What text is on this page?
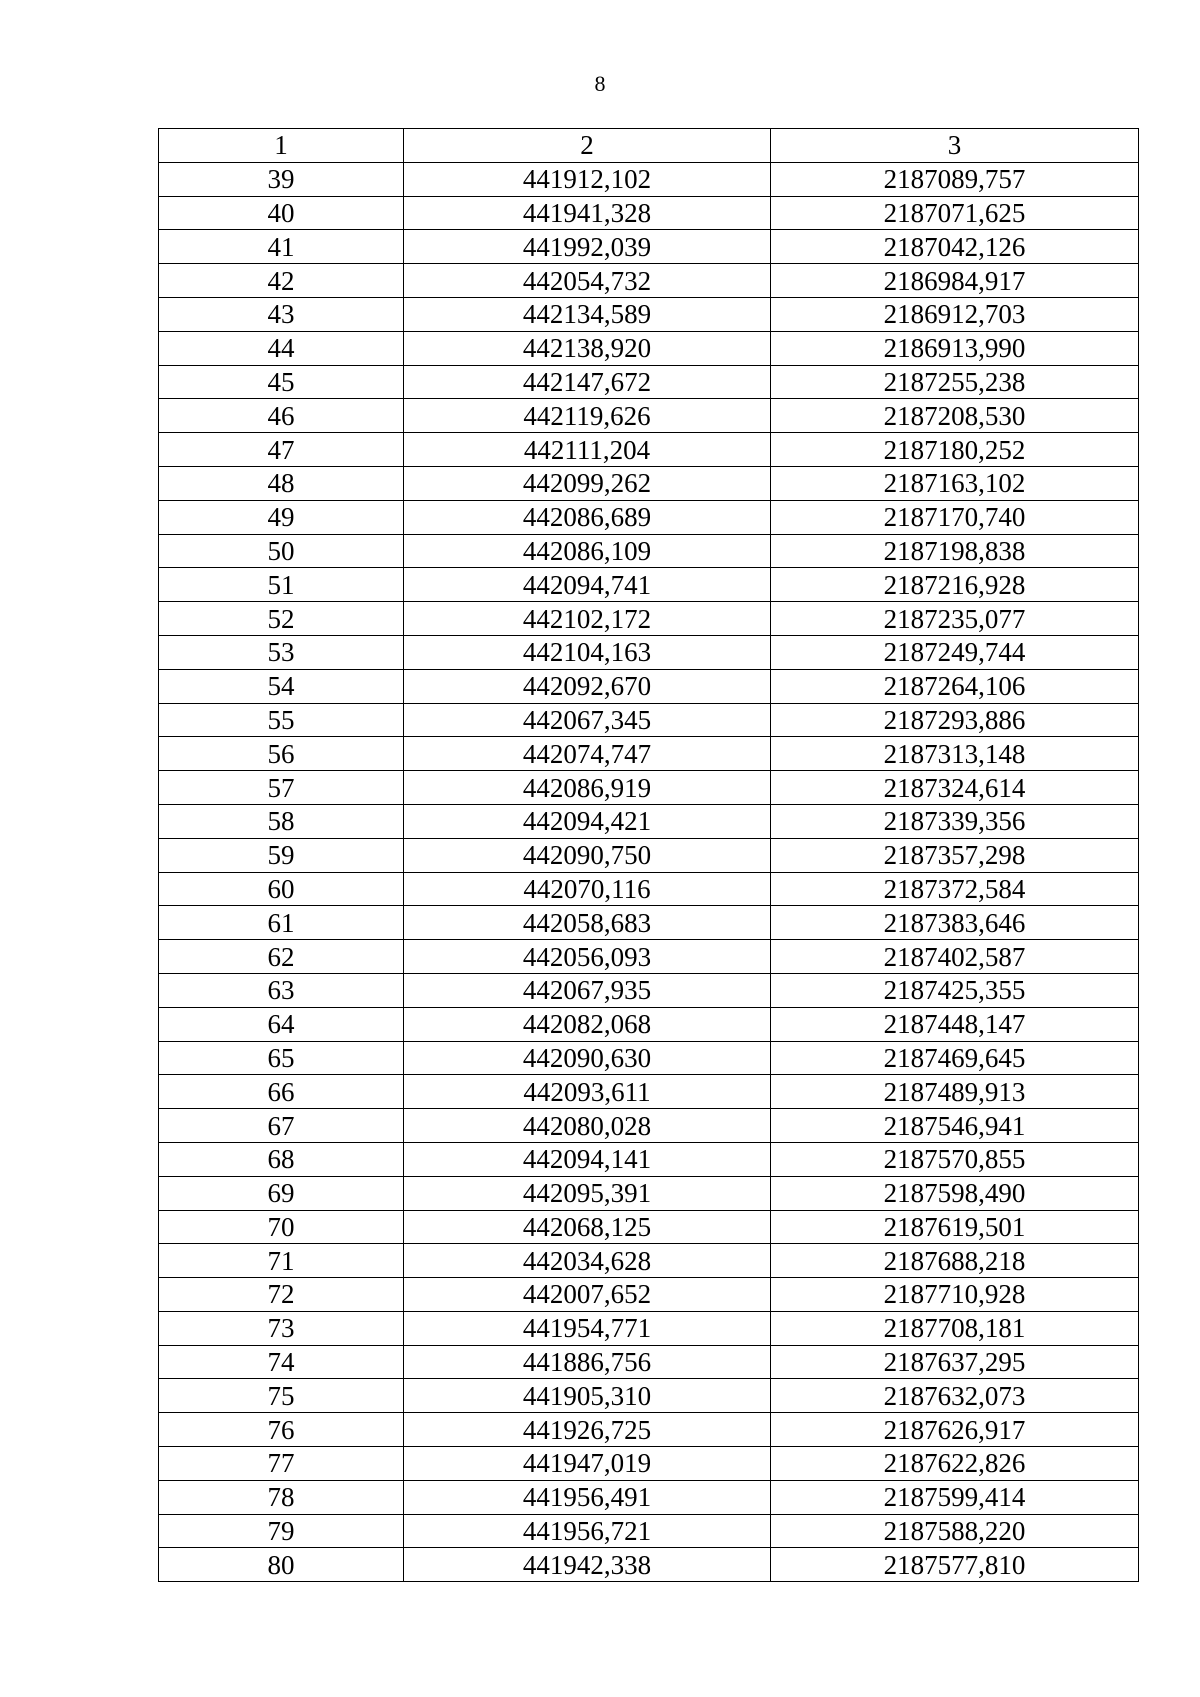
8
1	2	3
39	441912,102	2187089,757
40	441941,328	2187071,625
41	441992,039	2187042,126
42	442054,732	2186984,917
43	442134,589	2186912,703
44	442138,920	2186913,990
45	442147,672	2187255,238
46	442119,626	2187208,530
47	442111,204	2187180,252
48	442099,262	2187163,102
49	442086,689	2187170,740
50	442086,109	2187198,838
51	442094,741	2187216,928
52	442102,172	2187235,077
53	442104,163	2187249,744
54	442092,670	2187264,106
55	442067,345	2187293,886
56	442074,747	2187313,148
57	442086,919	2187324,614
58	442094,421	2187339,356
59	442090,750	2187357,298
60	442070,116	2187372,584
61	442058,683	2187383,646
62	442056,093	2187402,587
63	442067,935	2187425,355
64	442082,068	2187448,147
65	442090,630	2187469,645
66	442093,611	2187489,913
67	442080,028	2187546,941
68	442094,141	2187570,855
69	442095,391	2187598,490
70	442068,125	2187619,501
71	442034,628	2187688,218
72	442007,652	2187710,928
73	441954,771	2187708,181
74	441886,756	2187637,295
75	441905,310	2187632,073
76	441926,725	2187626,917
77	441947,019	2187622,826
78	441956,491	2187599,414
79	441956,721	2187588,220
80	441942,338	2187577,810
